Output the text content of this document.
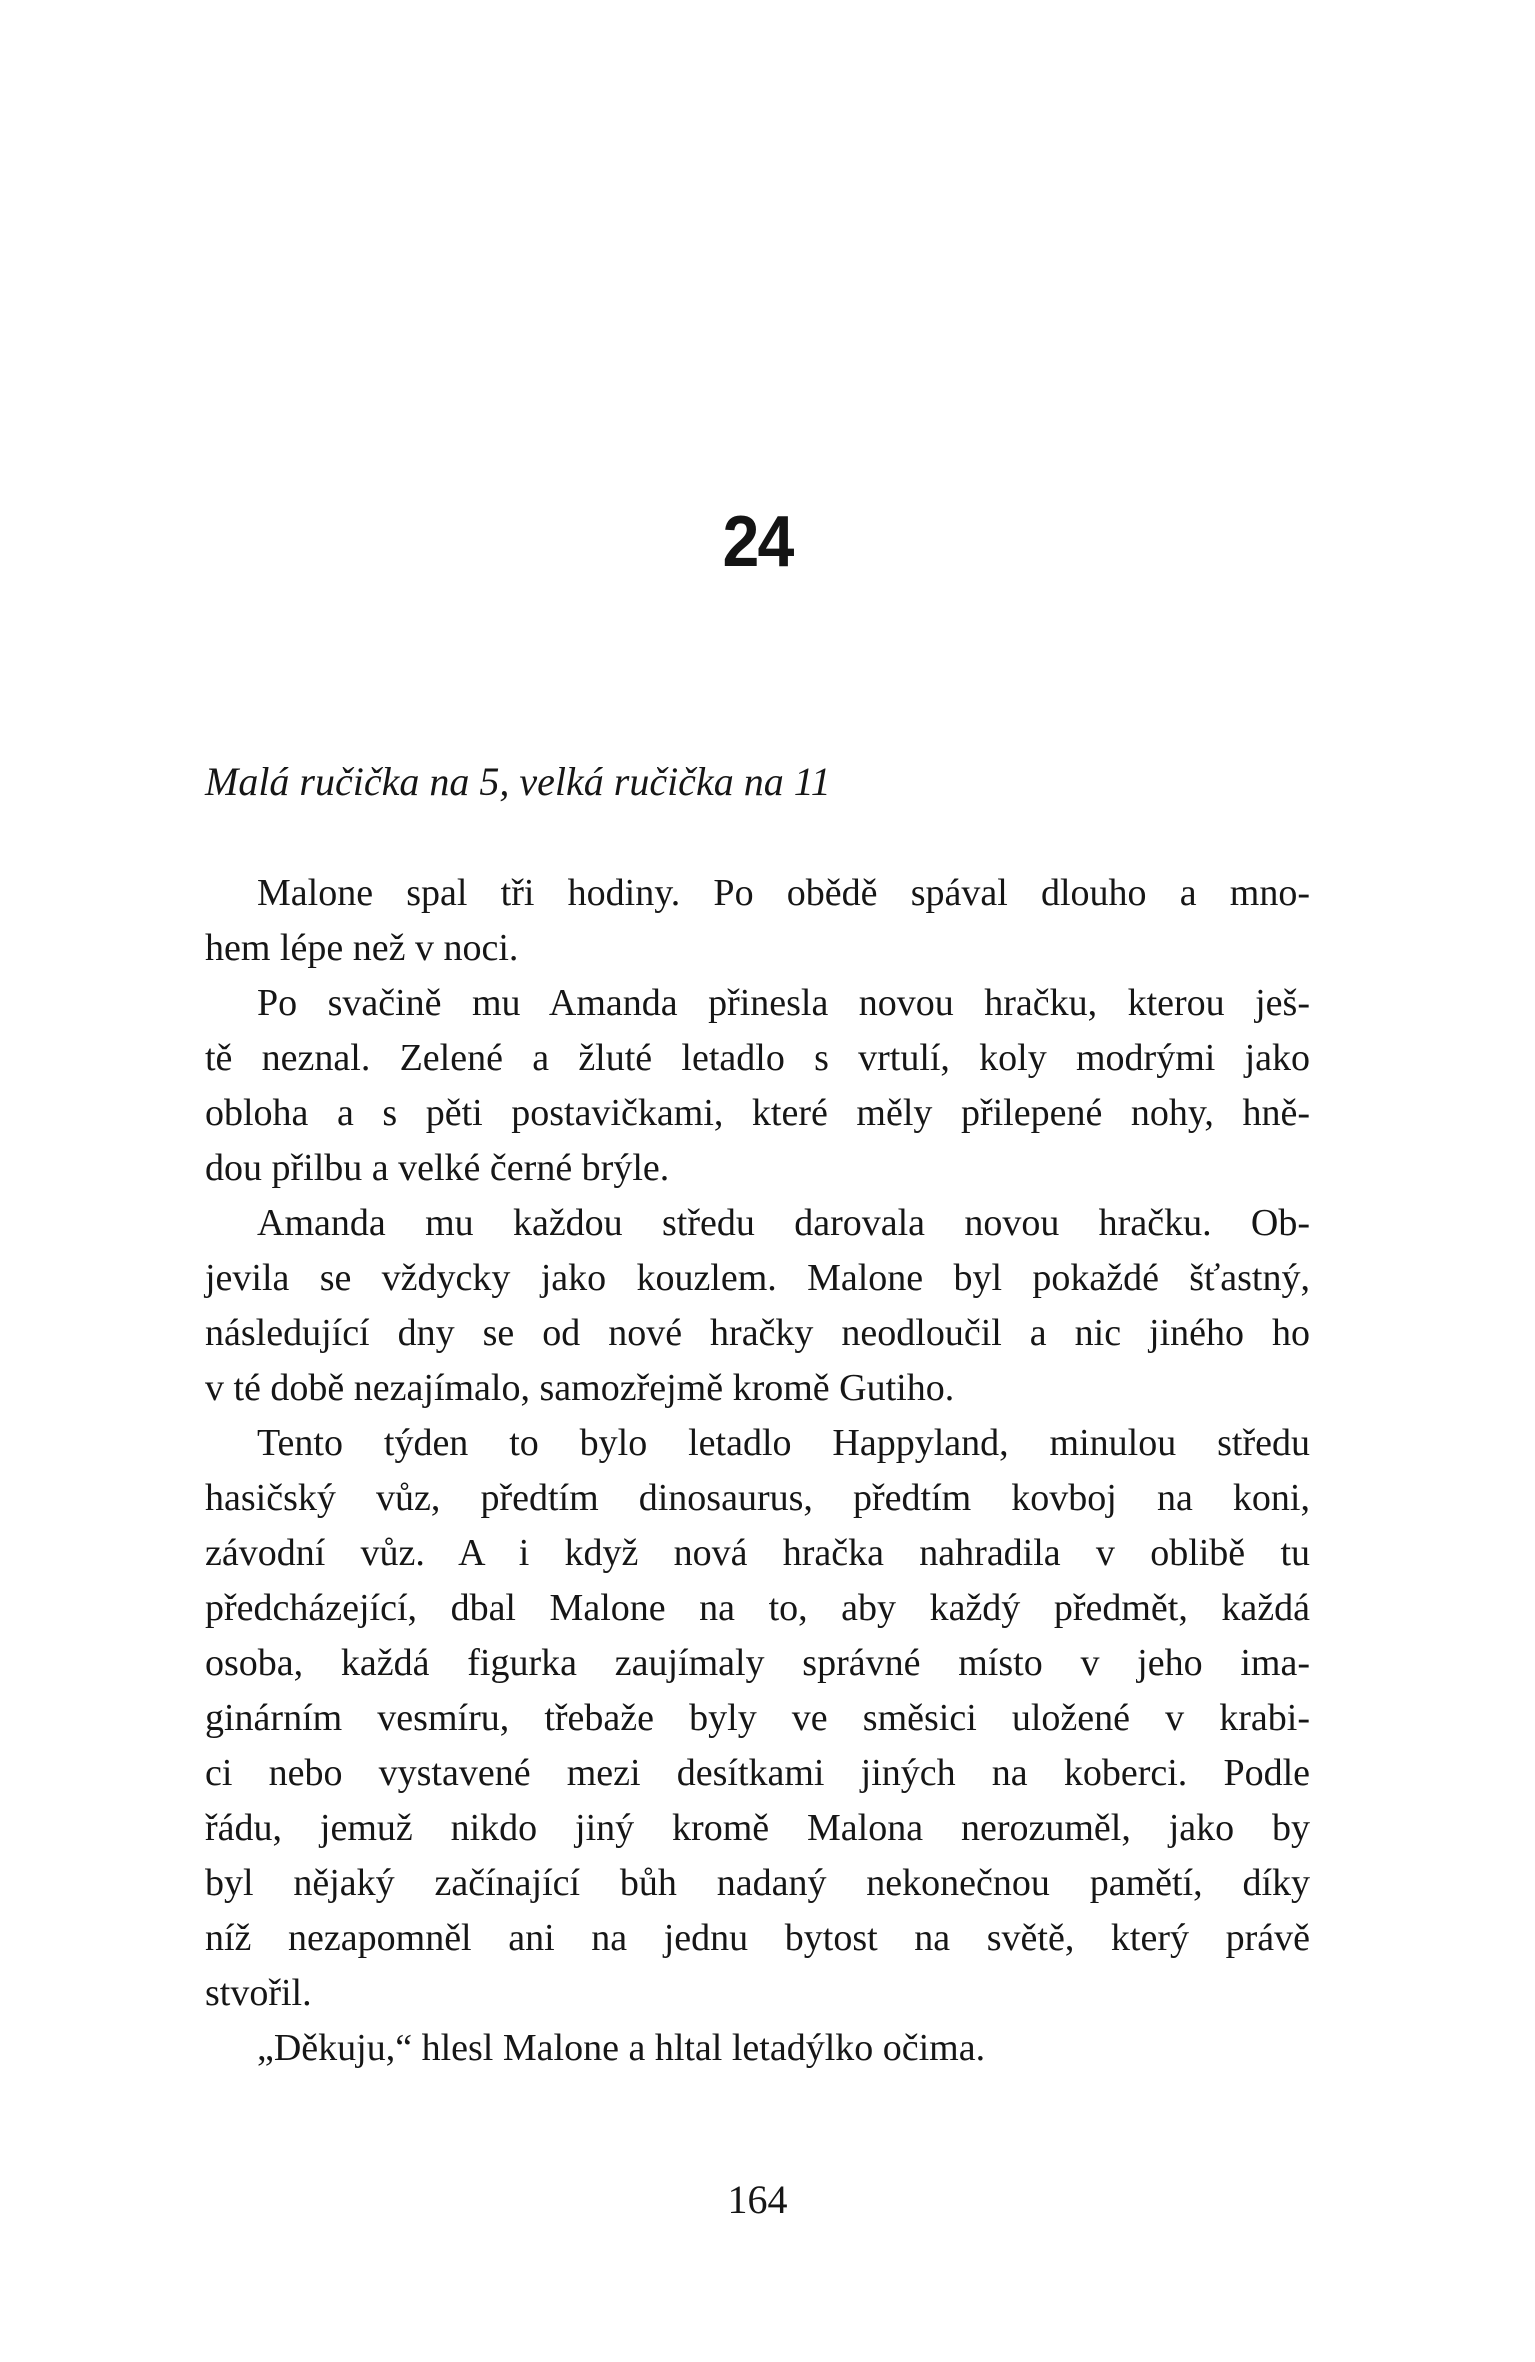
24
Malá ručička na 5, velká ručička na 11
Malone spal tři hodiny. Po obědě spával dlouho a mno-
hem lépe než v noci.
Po svačině mu Amanda přinesla novou hračku, kterou ješ-
tě neznal. Zelené a žluté letadlo s vrtulí, koly modrými jako
obloha a s pěti postavičkami, které měly přilepené nohy, hně-
dou přilbu a velké černé brýle.
Amanda mu každou středu darovala novou hračku. Ob-
jevila se vždycky jako kouzlem. Malone byl pokaždé šťastný,
následující dny se od nové hračky neodloučil a nic jiného ho
v té době nezajímalo, samozřejmě kromě Gutiho.
Tento týden to bylo letadlo Happyland, minulou středu
hasičský vůz, předtím dinosaurus, předtím kovboj na koni,
závodní vůz. A i když nová hračka nahradila v oblibě tu
předcházející, dbal Malone na to, aby každý předmět, každá
osoba, každá figurka zaujímaly správné místo v jeho ima-
ginárním vesmíru, třebaže byly ve směsici uložené v krabi-
ci nebo vystavené mezi desítkami jiných na koberci. Podle
řádu, jemuž nikdo jiný kromě Malona nerozuměl, jako by
byl nějaký začínající bůh nadaný nekonečnou pamětí, díky
níž nezapomněl ani na jednu bytost na světě, který právě
stvořil.
„Děkuju,“ hlesl Malone a hltal letadýlko očima.
164
